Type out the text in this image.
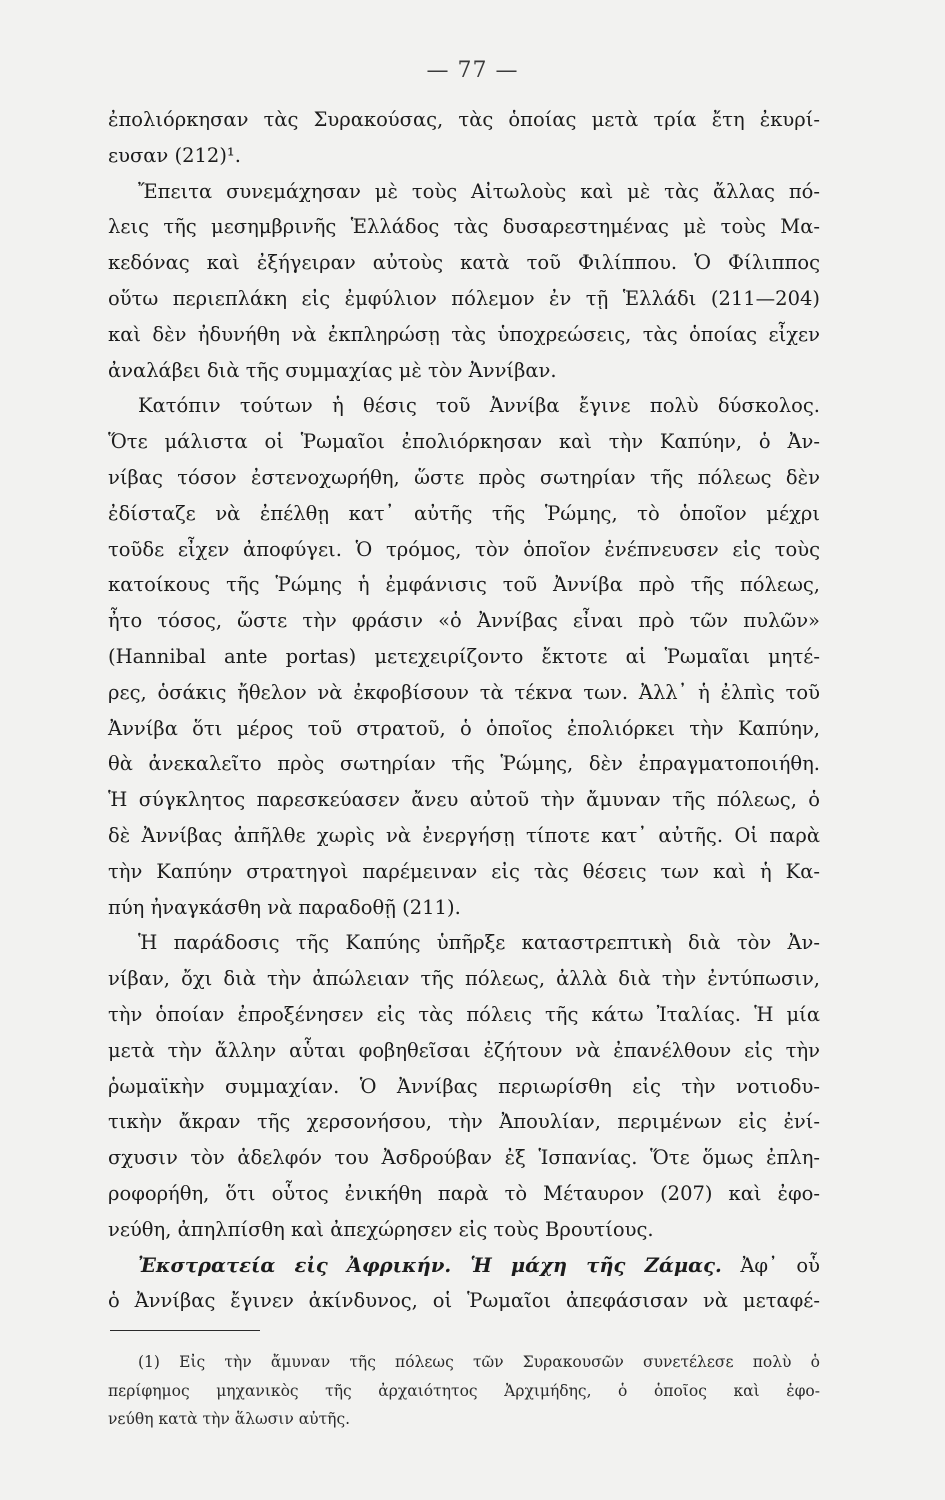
— 77 —
ἐπολιόρκησαν τὰς Συρακούσας, τὰς ὁποίας μετὰ τρία ἔτη ἐκυρί-
ευσαν (212)¹.
Ἔπειτα συνεμάχησαν μὲ τοὺς Αἰτωλοὺς καὶ μὲ τὰς ἄλλας πό-
λεις τῆς μεσημβρινῆς Ἑλλάδος τὰς δυσαρεστημένας μὲ τοὺς Μα-
κεδόνας καὶ ἐξήγειραν αὐτοὺς κατὰ τοῦ Φιλίππου. Ὁ Φίλιππος
οὕτω περιεπλάκη εἰς ἐμφύλιον πόλεμον ἐν τῇ Ἑλλάδι (211—204)
καὶ δὲν ἠδυνήθη νὰ ἐκπληρώσῃ τὰς ὑποχρεώσεις, τὰς ὁποίας εἶχεν
ἀναλάβει διὰ τῆς συμμαχίας μὲ τὸν Ἀννίβαν.
Κατόπιν τούτων ἡ θέσις τοῦ Ἀννίβα ἔγινε πολὺ δύσκολος.
Ὅτε μάλιστα οἱ Ῥωμαῖοι ἐπολιόρκησαν καὶ τὴν Καπύην, ὁ Ἀν-
νίβας τόσον ἐστενοχωρήθη, ὥστε πρὸς σωτηρίαν τῆς πόλεως δὲν
ἐδίσταζε νὰ ἐπέλθῃ κατ᾽ αὐτῆς τῆς Ῥώμης, τὸ ὁποῖον μέχρι
τοῦδε εἶχεν ἀποφύγει. Ὁ τρόμος, τὸν ὁποῖον ἐνέπνευσεν εἰς τοὺς
κατοίκους τῆς Ῥώμης ἡ ἐμφάνισις τοῦ Ἀννίβα πρὸ τῆς πόλεως,
ἦτο τόσος, ὥστε τὴν φράσιν «ὁ Ἀννίβας εἶναι πρὸ τῶν πυλῶν»
(Hannibal ante portas) μετεχειρίζοντο ἔκτοτε αἱ Ῥωμαῖαι μητέ-
ρες, ὁσάκις ἤθελον νὰ ἐκφοβίσουν τὰ τέκνα των. Ἀλλ᾽ ἡ ἐλπὶς τοῦ
Ἀννίβα ὅτι μέρος τοῦ στρατοῦ, ὁ ὁποῖος ἐπολιόρκει τὴν Καπύην,
θὰ ἀνεκαλεῖτο πρὸς σωτηρίαν τῆς Ῥώμης, δὲν ἐπραγματοποιήθη.
Ἡ σύγκλητος παρεσκεύασεν ἄνευ αὐτοῦ τὴν ἄμυναν τῆς πόλεως, ὁ
δὲ Ἀννίβας ἀπῆλθε χωρὶς νὰ ἐνεργήσῃ τίποτε κατ᾽ αὐτῆς. Οἱ παρὰ
τὴν Καπύην στρατηγοὶ παρέμειναν εἰς τὰς θέσεις των καὶ ἡ Κα-
πύη ἠναγκάσθη νὰ παραδοθῇ (211).
Ἡ παράδοσις τῆς Καπύης ὑπῆρξε καταστρεπτικὴ διὰ τὸν Ἀν-
νίβαν, ὄχι διὰ τὴν ἀπώλειαν τῆς πόλεως, ἀλλὰ διὰ τὴν ἐντύπωσιν,
τὴν ὁποίαν ἐπροξένησεν εἰς τὰς πόλεις τῆς κάτω Ἰταλίας. Ἡ μία
μετὰ τὴν ἄλλην αὗται φοβηθεῖσαι ἐζήτουν νὰ ἐπανέλθουν εἰς τὴν
ῥωμαϊκὴν συμμαχίαν. Ὁ Ἀννίβας περιωρίσθη εἰς τὴν νοτιοδυ-
τικὴν ἄκραν τῆς χερσονήσου, τὴν Ἀπουλίαν, περιμένων εἰς ἐνί-
σχυσιν τὸν ἀδελφόν του Ἀσδρούβαν ἐξ Ἱσπανίας. Ὅτε ὅμως ἐπλη-
ροφορήθη, ὅτι οὗτος ἐνικήθη παρὰ τὸ Μέταυρον (207) καὶ ἐφο-
νεύθη, ἀπηλπίσθη καὶ ἀπεχώρησεν εἰς τοὺς Βρουτίους.
Ἐκστρατεία εἰς Ἀφρικήν. Ἡ μάχη τῆς Ζάμας. Ἀφ᾽ οὗ
ὁ Ἀννίβας ἔγινεν ἀκίνδυνος, οἱ Ῥωμαῖοι ἀπεφάσισαν νὰ μεταφέ-
(1) Εἰς τὴν ἄμυναν τῆς πόλεως τῶν Συρακουσῶν συνετέλεσε πολὺ ὁ
περίφημος μηχανικὸς τῆς ἀρχαιότητος Ἀρχιμήδης, ὁ ὁποῖος καὶ ἐφο-
νεύθη κατὰ τὴν ἅλωσιν αὐτῆς.
